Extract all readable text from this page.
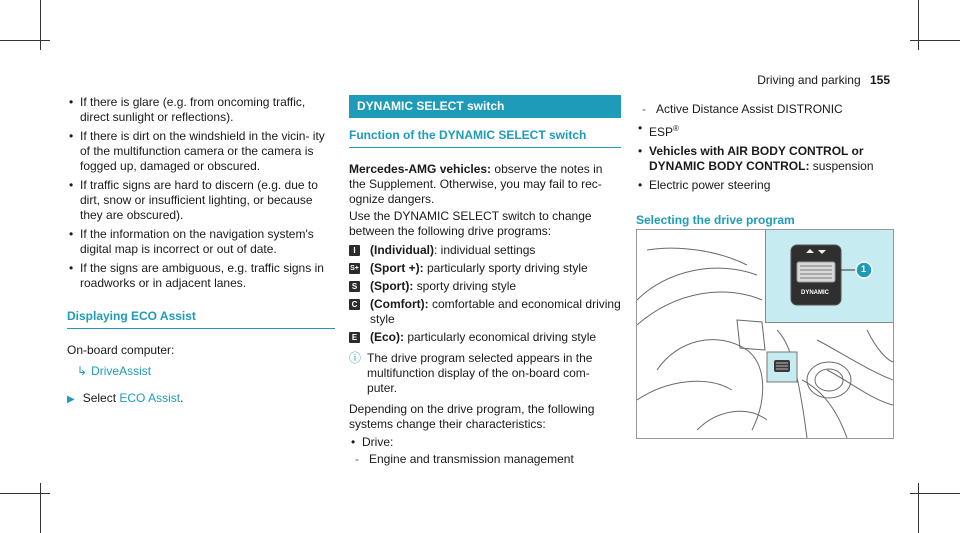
Driving and parking 155
• If there is glare (e.g. from oncoming traffic, direct sunlight or reflections).
• If there is dirt on the windshield in the vicin- ity of the multifunction camera or the camera is fogged up, damaged or obscured.
• If traffic signs are hard to discern (e.g. due to dirt, snow or insufficient lighting, or because they are obscured).
• If the information on the navigation system's digital map is incorrect or out of date.
• If the signs are ambiguous, e.g. traffic signs in roadworks or in adjacent lanes.
Displaying ECO Assist
On-board computer:
↳ DriveAssist
▶ Select ECO Assist.
DYNAMIC SELECT switch
Function of the DYNAMIC SELECT switch
Mercedes-AMG vehicles: observe the notes in the Supplement. Otherwise, you may fail to rec- ognize dangers.
Use the DYNAMIC SELECT switch to change between the following drive programs:
I	(Individual): individual settings
S+ (Sport +): particularly sporty driving style
S (Sport): sporty driving style
C (Comfort): comfortable and economical driving style
E (Eco): particularly economical driving style
ⓘ The drive program selected appears in the multifunction display of the on-board com- puter.
Depending on the drive program, the following systems change their characteristics:
• Drive:
- Engine and transmission management
- Active Distance Assist DISTRONIC
• ESP®
• Vehicles with AIR BODY CONTROL or DYNAMIC BODY CONTROL: suspension
• Electric power steering
Selecting the drive program
DYNAMIC
1
